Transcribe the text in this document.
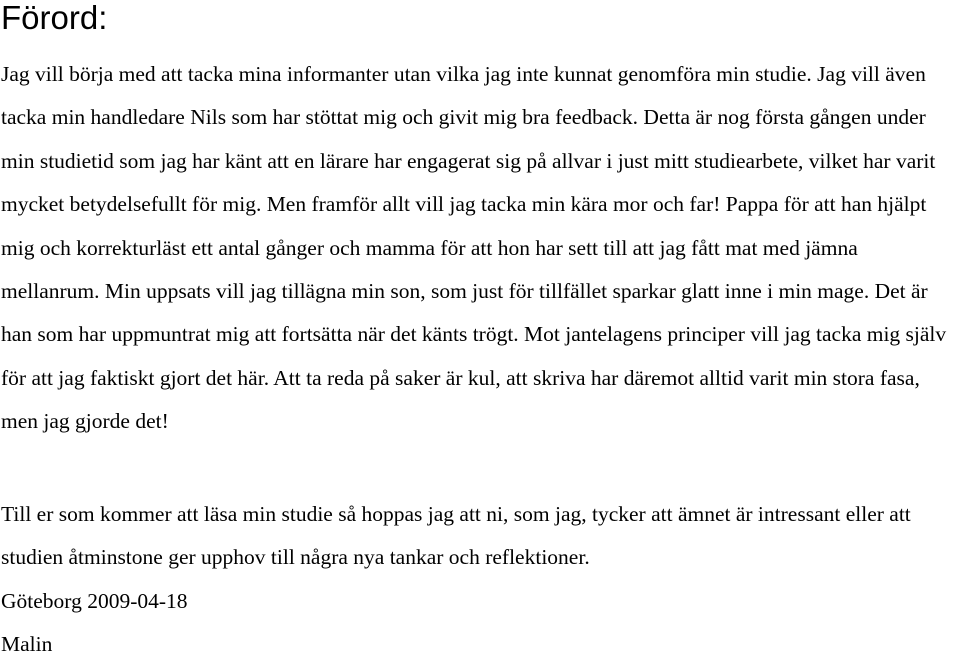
Förord:

Jag vill börja med att tacka mina informanter utan vilka jag inte kunnat genomföra min studie. Jag vill även tacka min handledare Nils som har stöttat mig och givit mig bra feedback. Detta är nog första gången under min studietid som jag har känt att en lärare har engagerat sig på allvar i just mitt studiearbete, vilket har varit mycket betydelsefullt för mig. Men framför allt vill jag tacka min kära mor och far! Pappa för att han hjälpt mig och korrekturläst ett antal gånger och mamma för att hon har sett till att jag fått mat med jämna mellanrum. Min uppsats vill jag tillägna min son, som just för tillfället sparkar glatt inne i min mage. Det är han som har uppmuntrat mig att fortsätta när det känts trögt. Mot jantelagens principer vill jag tacka mig själv för att jag faktiskt gjort det här. Att ta reda på saker är kul, att skriva har däremot alltid varit min stora fasa, men jag gjorde det!

Till er som kommer att läsa min studie så hoppas jag att ni, som jag, tycker att ämnet är intressant eller att studien åtminstone ger upphov till några nya tankar och reflektioner.

Göteborg 2009-04-18

Malin
